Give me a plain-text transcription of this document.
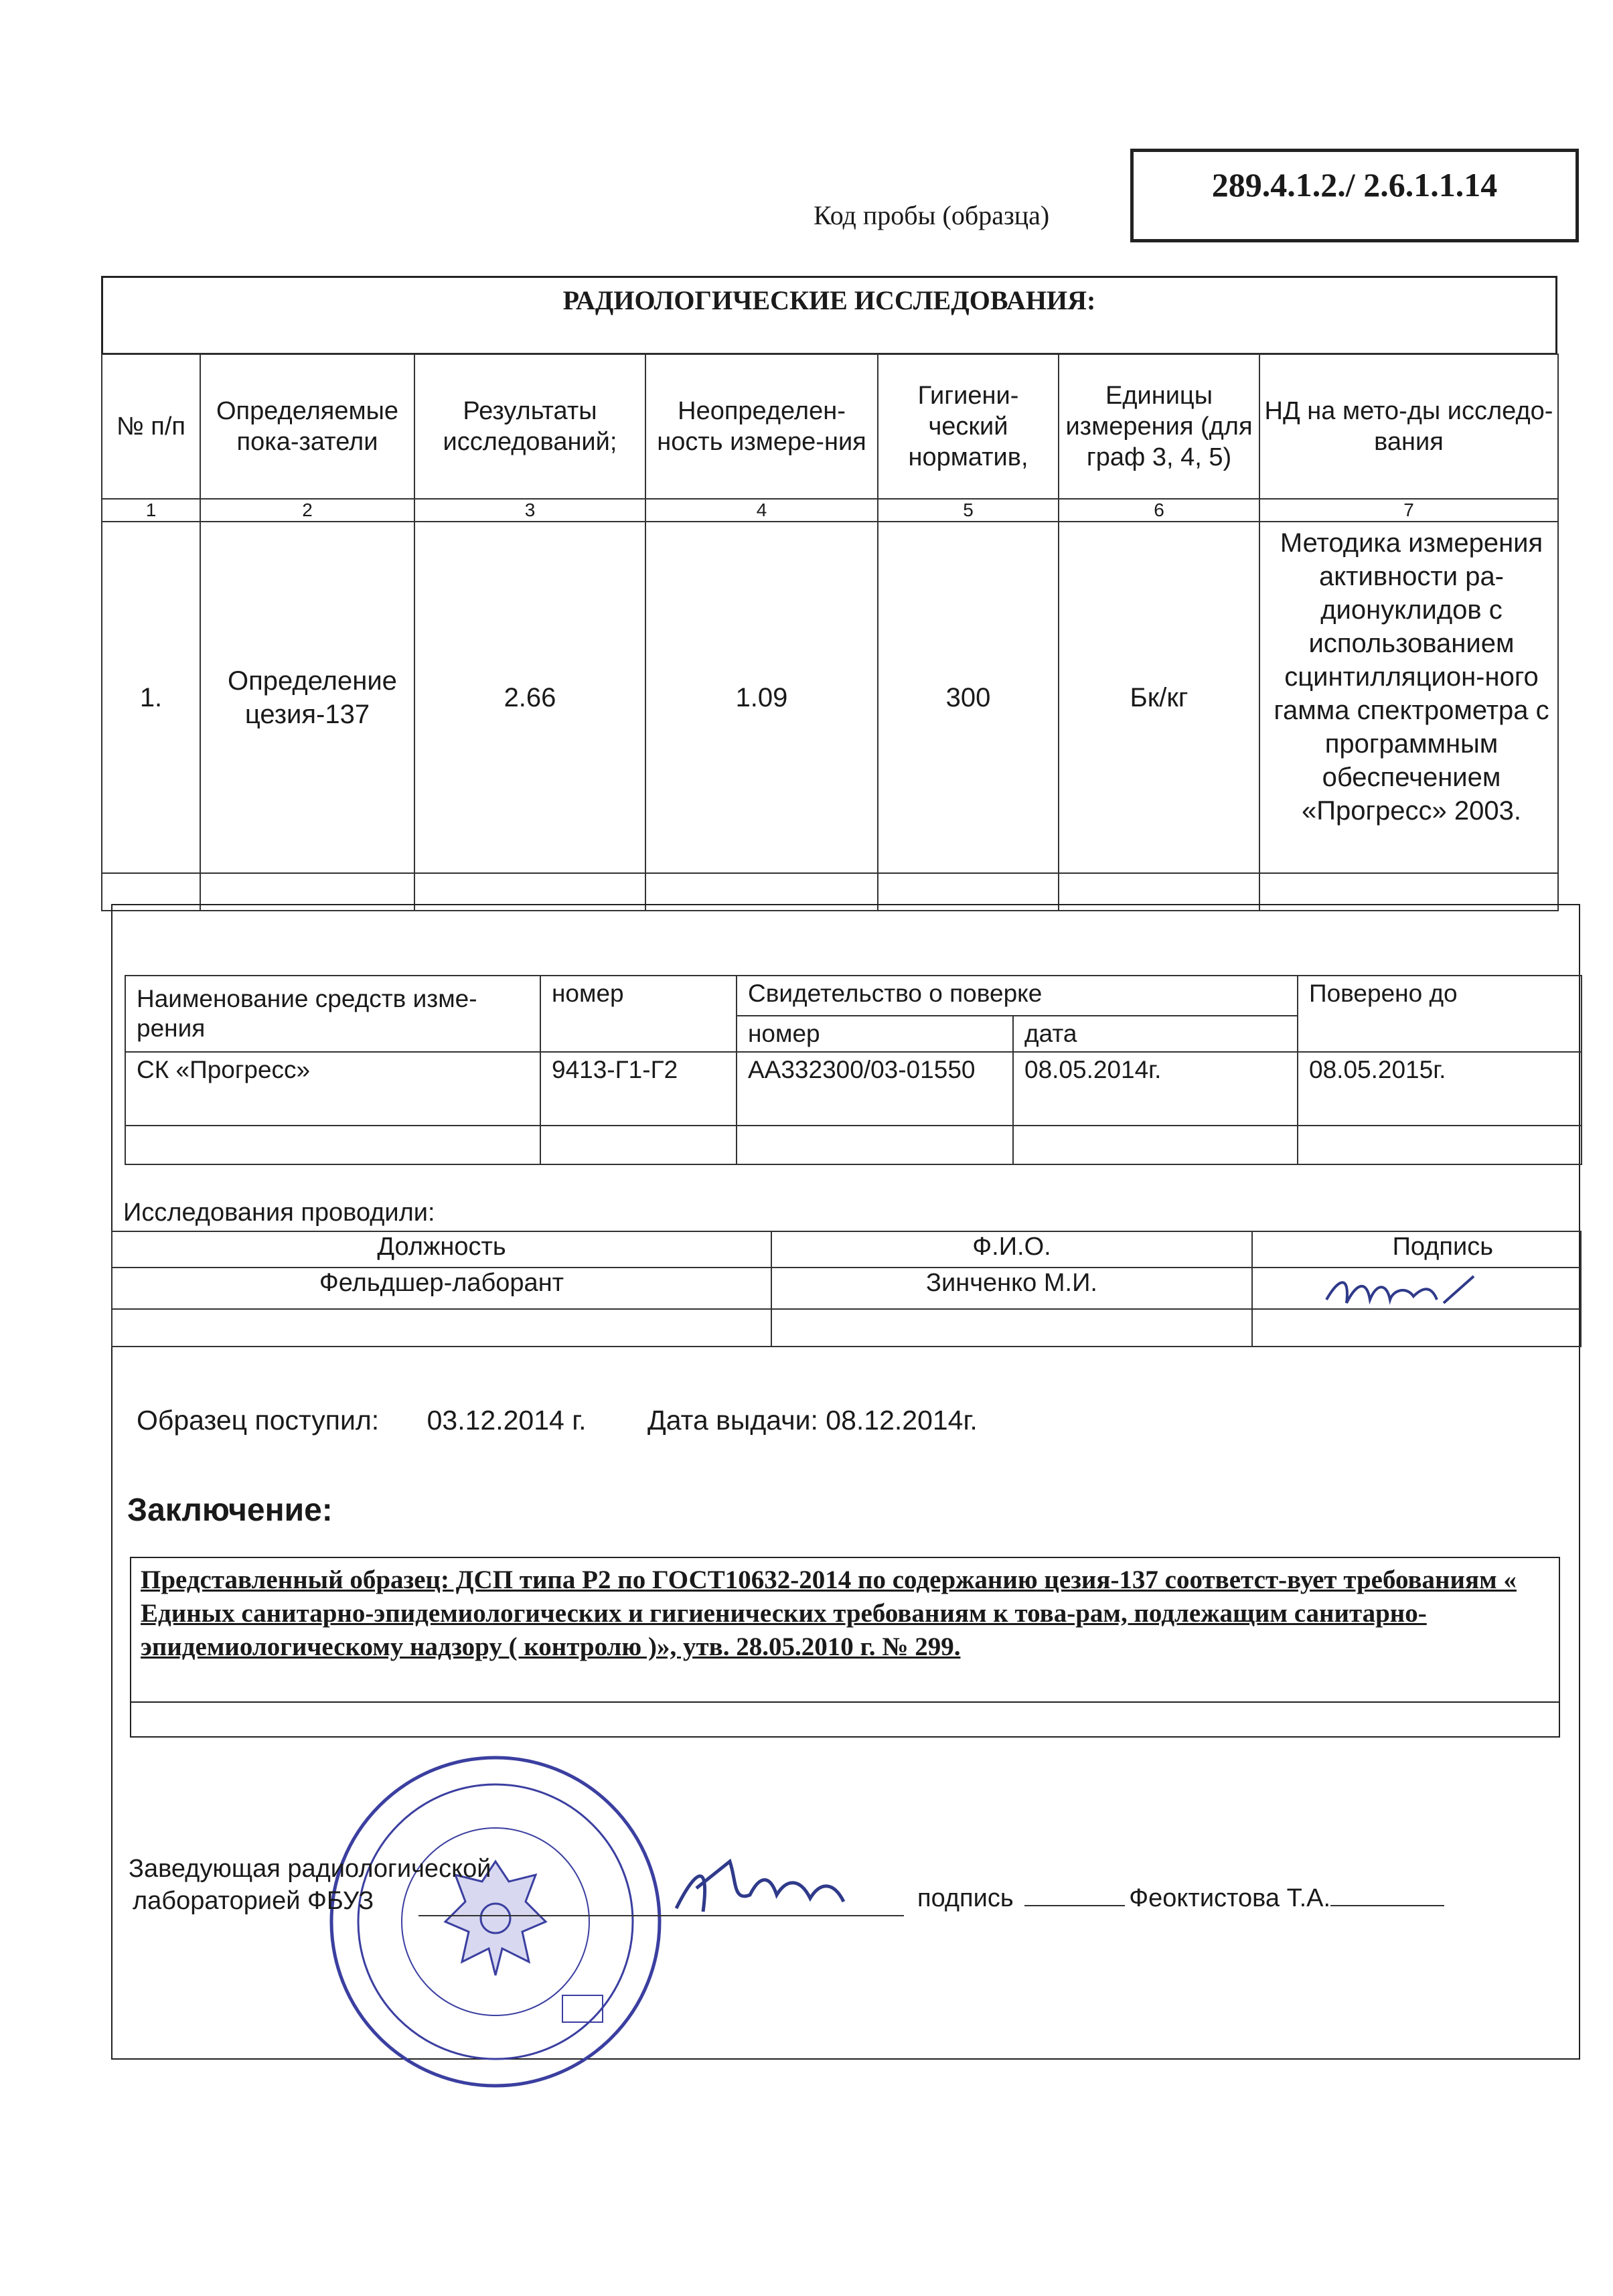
Код пробы (образца)
289.4.1.2./ 2.6.1.1.14
РАДИОЛОГИЧЕСКИЕ ИССЛЕДОВАНИЯ:
№ п/п	Определяемые пока-затели	Результаты исследований;	Неопределен-ность измере-ния	Гигиени-ческий норматив,	Единицы измерения (для граф 3, 4, 5)	НД на мето-ды исследо-вания
1	2	3	4	5	6	7
1.	Определение цезия-137	2.66	1.09	300	Бк/кг	Методика измерения активности ра-дионуклидов с использованием сцинтилляцион-ного гамма спектрометра с программным обеспечением «Прогресс» 2003.

Наименование средств изме-рения	номер	Свидетельство о поверке		Поверено до
		номер	дата	
СК «Прогресс»	9413-Г1-Г2	АА332300/03-01550	08.05.2014г.	08.05.2015г.

Исследования проводили:
Должность	Ф.И.О.	Подпись
Фельдшер-лаборант	Зинченко М.И.	

Образец поступил: 03.12.2014 г. Дата выдачи: 08.12.2014г.
Заключение:
Представленный образец: ДСП типа Р2 по ГОСТ10632-2014 по содержанию цезия-137 соответст-вует требованиям « Единых санитарно-эпидемиологических и гигиенических требованиям к това-рам, подлежащим санитарно-эпидемиологическому надзору ( контролю )», утв. 28.05.2010 г. № 299.
Заведующая радиологической
лабораторией ФБУЗ	подпись	Феоктистова Т.А.
